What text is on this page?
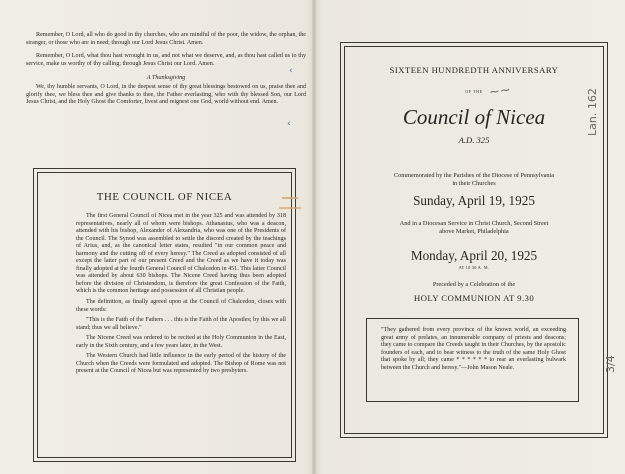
Remember, O Lord, all who do good in thy churches, who are mindful of the poor, the widow, the orphan, the stranger, or those who are in need; through our Lord Jesus Christ. Amen.

Remember, O Lord, what thou hast wrought in us, and not what we deserve, and, as thou hast called us to thy service, make us worthy of thy calling; through Jesus Christ our Lord. Amen.

A Thanksgiving

We, thy humble servants, O Lord, in the deepest sense of thy great blessings bestowed on us, praise thee and glorify thee, we bless thee and give thanks to thee, the Father everlasting, who with thy blessed Son, our Lord Jesus Christ, and the Holy Ghost the Comforter, livest and reignest one God, world without end. Amen.

THE COUNCIL OF NICEA

The first General Council of Nicea met in the year 325 and was attended by 318 representatives, nearly all of whom were bishops. Athanasius, who was a deacon, attended with his bishop, Alexander of Alexandria, who was one of the Presidents of the Council. The Synod was assembled to settle the discord created by the teachings of Arius, and, as the canonical letter states, resulted "in our common peace and harmony and the cutting off of every heresy." The Creed as adopted consisted of all except the latter part of our present Creed and the Creed as we have it today was finally adopted at the fourth General Council of Chalcedon in 451. This latter Council was attended by about 630 bishops. The Nicene Creed having thus been adopted before the division of Christendom, is therefore the great Confession of the Faith, which is the common heritage and possession of all Christian people.

The definition, as finally agreed upon at the Council of Chalcedon, closes with these words:

"This is the Faith of the Fathers . . . this is the Faith of the Apostles; by this we all stand; thus we all believe."

The Nicene Creed was ordered to be recited at the Holy Communion in the East, early in the Sixth century, and a few years later, in the West.

The Western Church had little influence in the early period of the history of the Church when the Creeds were formulated and adopted. The Bishop of Rome was not present at the Council of Nicea but was represented by two presbyters.

‹
‹
SIXTEEN HUNDREDTH ANNIVERSARY
OF THE
Council of Nicea
A.D. 325
Commemorated by the Parishes of the Diocese of Pennsylvania
in their Churches
Sunday, April 19, 1925
And in a Diocesan Service in Christ Church, Second Street
above Market, Philadelphia
Monday, April 20, 1925
AT 10.30 A. M.
Preceded by a Celebration of the
HOLY COMMUNION AT 9.30
"They gathered from every province of the known world, an exceeding great army of prelates, an innumerable company of priests and deacons; they came to compare the Creeds taught in their Churches, by the apostolic founders of each, and to bear witness to the truth of the same Holy Ghost that spoke by all; they came * * * * * * to rear an everlasting bulwark between the Church and heresy."—John Mason Neale.
~~	Lan. 162
3/4
